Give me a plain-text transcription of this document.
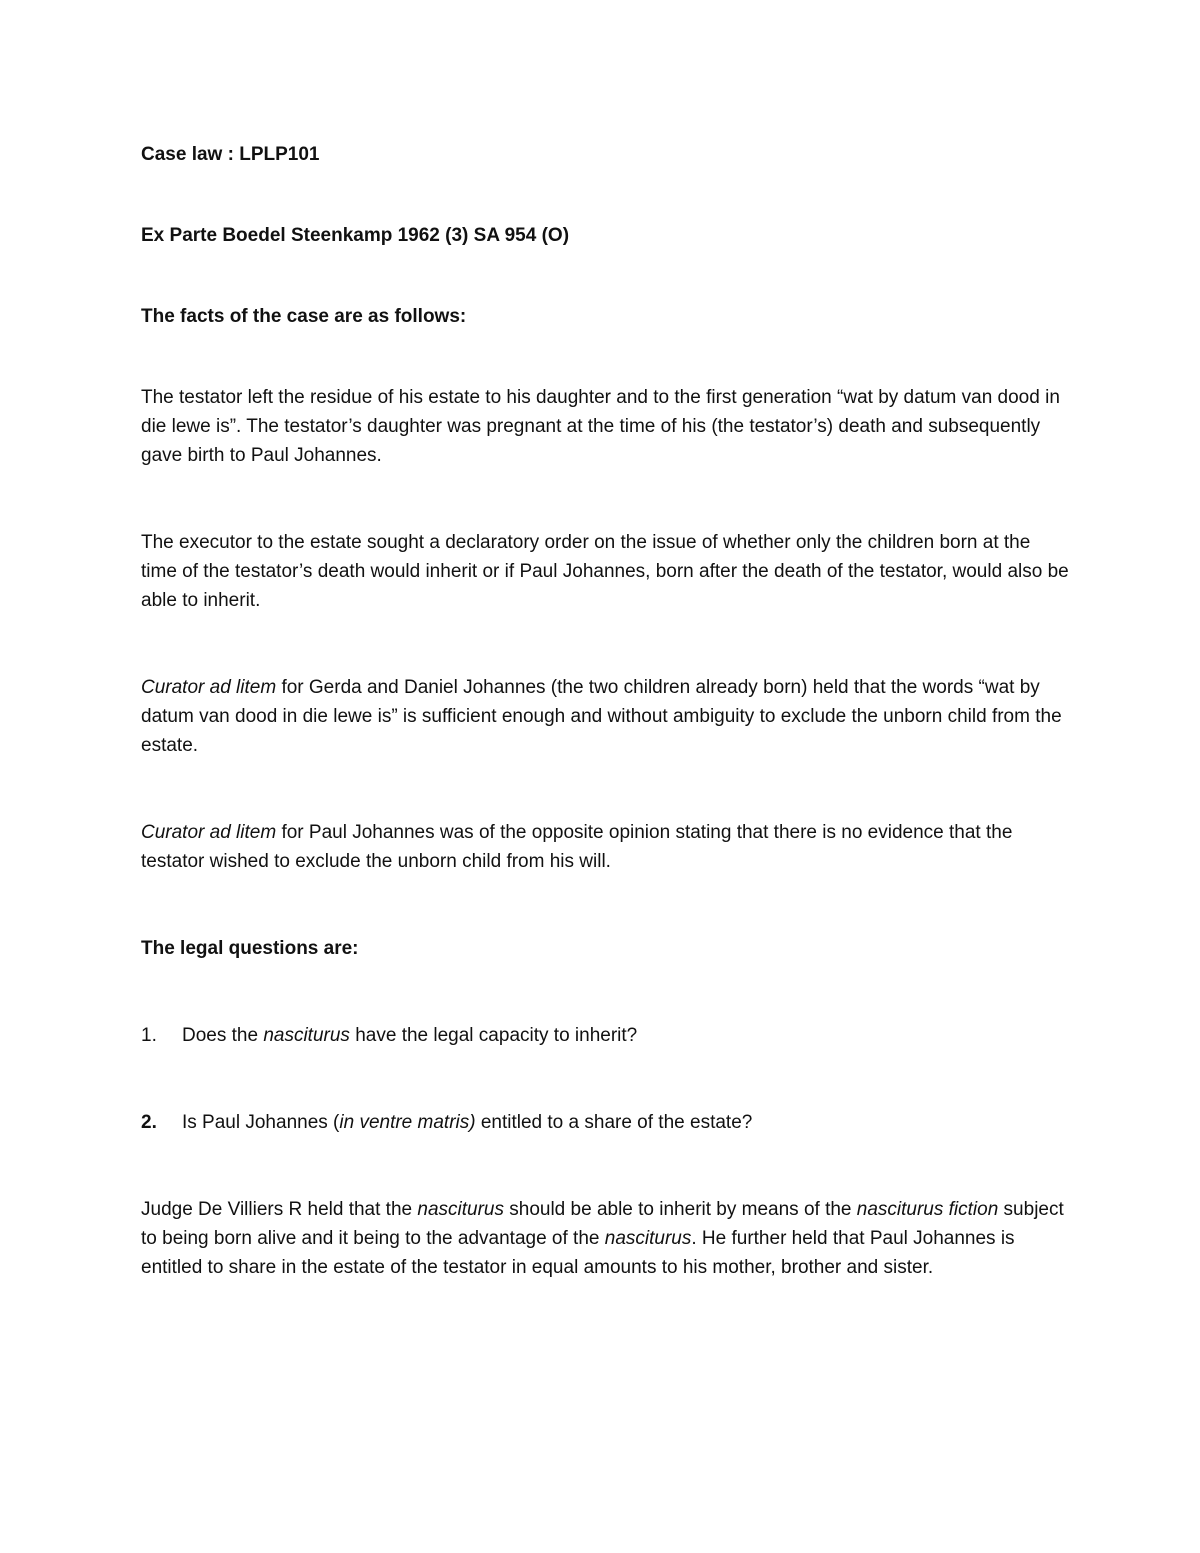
Case law : LPLP101

Ex Parte Boedel Steenkamp 1962 (3) SA 954 (O)

The facts of the case are as follows:

The testator left the residue of his estate to his daughter and to the first generation “wat by datum van dood in die lewe is”. The testator’s daughter was pregnant at the time of his (the testator’s) death and subsequently gave birth to Paul Johannes.

The executor to the estate sought a declaratory order on the issue of whether only the children born at the time of the testator’s death would inherit or if Paul Johannes, born after the death of the testator, would also be able to inherit.

Curator ad litem for Gerda and Daniel Johannes (the two children already born) held that the words “wat by datum van dood in die lewe is” is sufficient enough and without ambiguity to exclude the unborn child from the estate.

Curator ad litem for Paul Johannes was of the opposite opinion stating that there is no evidence that the testator wished to exclude the unborn child from his will.

The legal questions are:

1.	Does the nasciturus have the legal capacity to inherit?

2.	Is Paul Johannes (in ventre matris) entitled to a share of the estate?

Judge De Villiers R held that the nasciturus should be able to inherit by means of the nasciturus fiction subject to being born alive and it being to the advantage of the nasciturus. He further held that Paul Johannes is entitled to share in the estate of the testator in equal amounts to his mother, brother and sister.
